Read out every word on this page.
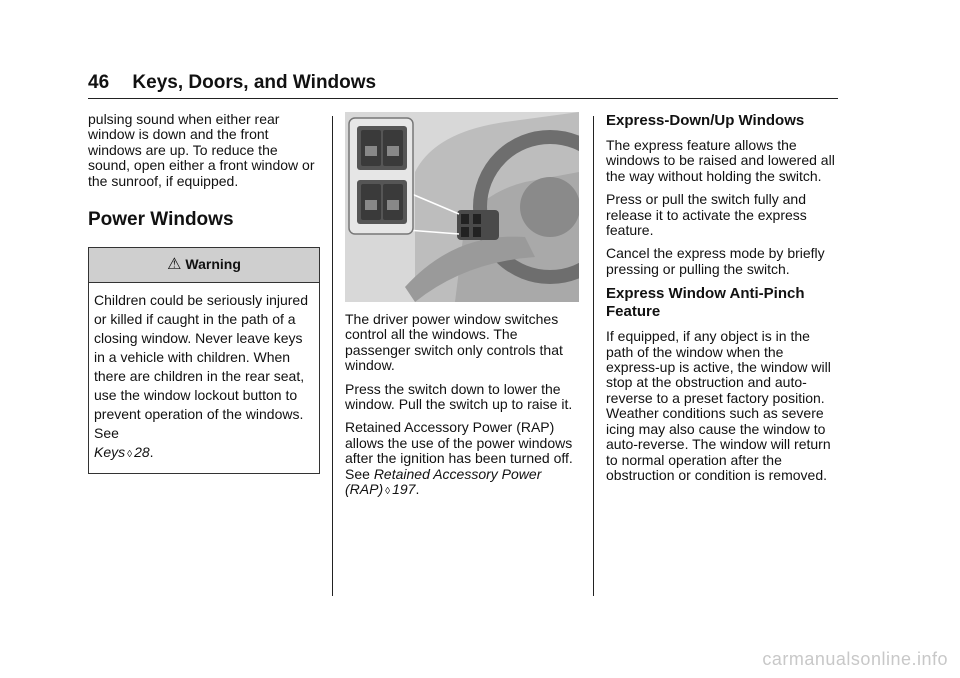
46 Keys, Doors, and Windows

pulsing sound when either rear window is down and the front windows are up. To reduce the sound, open either a front window or the sunroof, if equipped.

Power Windows
⚠ Warning
Children could be seriously injured or killed if caught in the path of a closing window. Never leave keys in a vehicle with children. When there are children in the rear seat, use the window lockout button to prevent operation of the windows. See
Keys ◊ 28.

The driver power window switches control all the windows. The passenger switch only controls that window.

Press the switch down to lower the window. Pull the switch up to raise it.

Retained Accessory Power (RAP) allows the use of the power windows after the ignition has been turned off. See Retained Accessory Power (RAP) ◊ 197.

Express-Down/Up Windows

The express feature allows the windows to be raised and lowered all the way without holding the switch.

Press or pull the switch fully and release it to activate the express feature.

Cancel the express mode by briefly pressing or pulling the switch.

Express Window Anti-Pinch Feature

If equipped, if any object is in the path of the window when the express-up is active, the window will stop at the obstruction and auto-reverse to a preset factory position. Weather conditions such as severe icing may also cause the window to auto-reverse. The window will return to normal operation after the obstruction or condition is removed.

carmanualsonline.info
